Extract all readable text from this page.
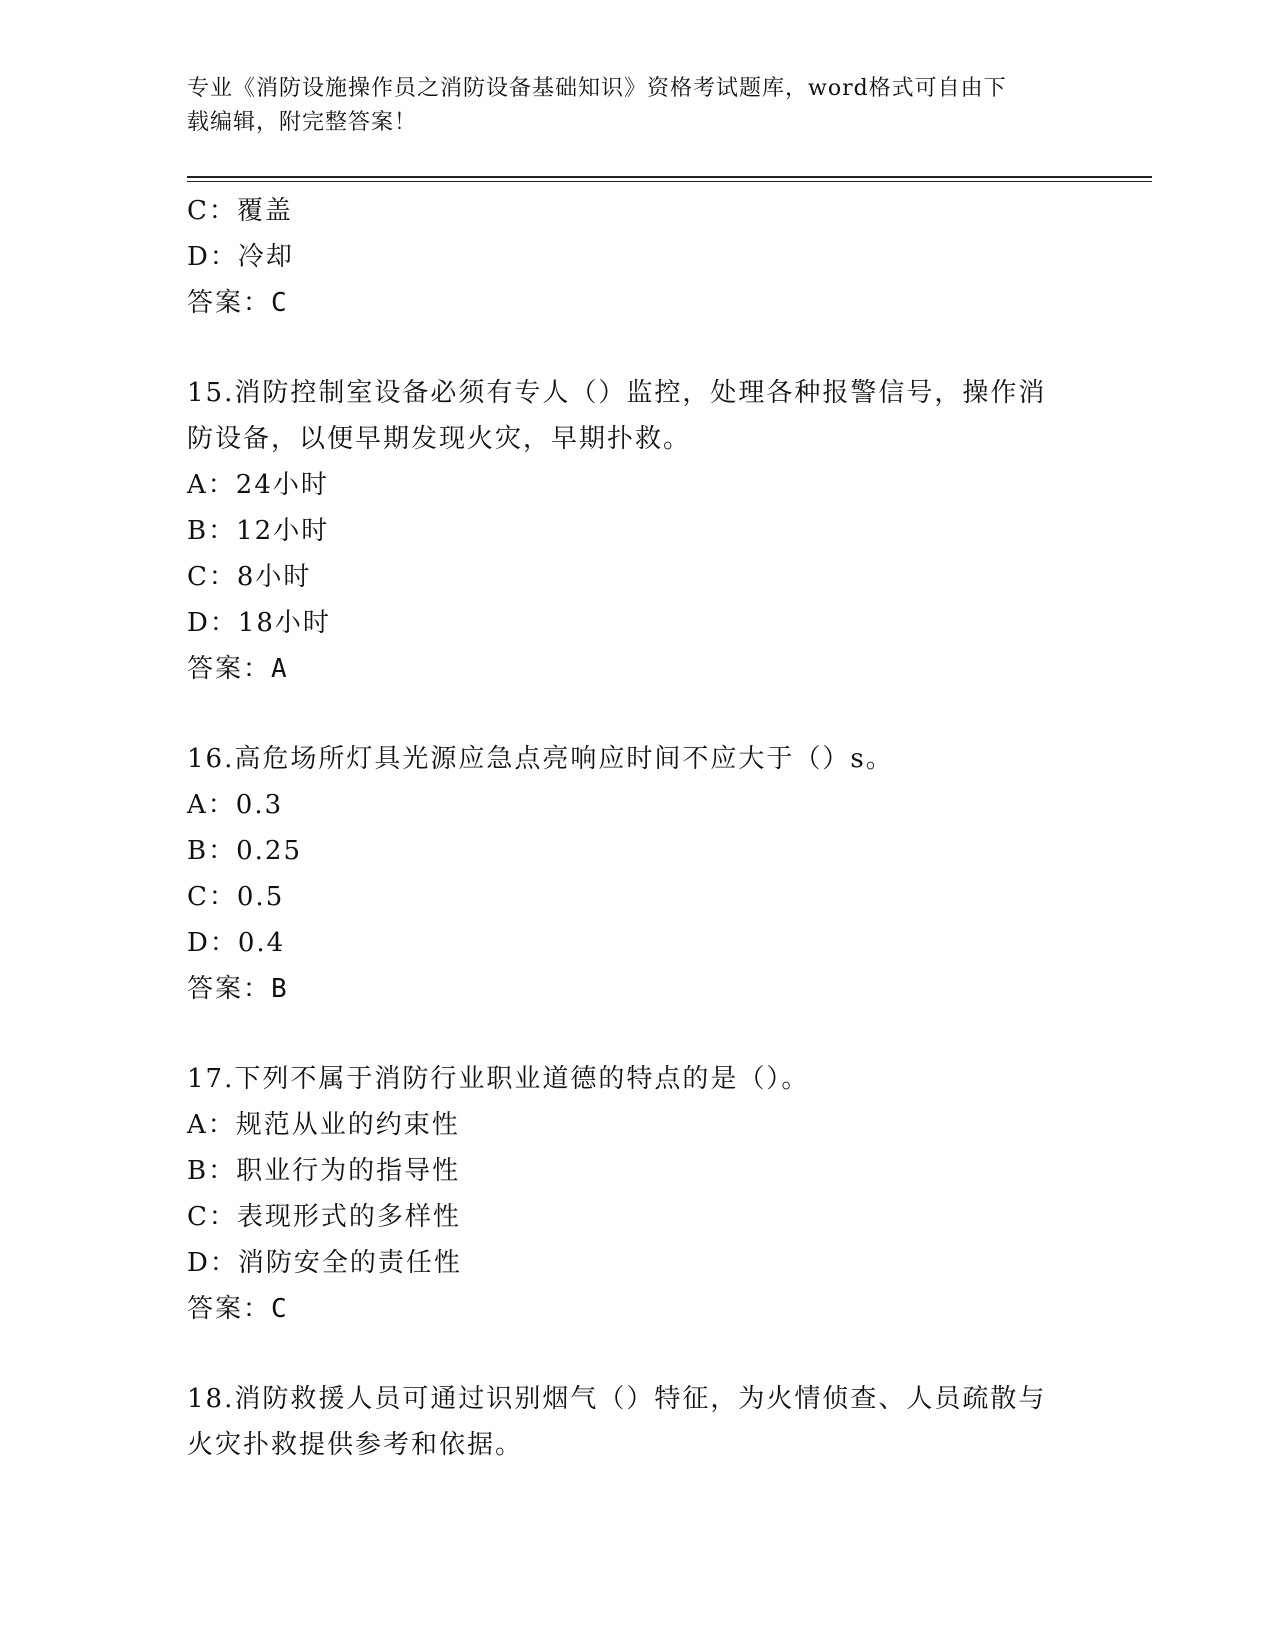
专业《消防设施操作员之消防设备基础知识》资格考试题库，word格式可自由下
载编辑，附完整答案！
C：覆盖
D：冷却
答案：C
15.消防控制室设备必须有专人（）监控，处理各种报警信号，操作消
防设备，以便早期发现火灾，早期扑救。
A：24小时
B：12小时
C：8小时
D：18小时
答案：A
16.高危场所灯具光源应急点亮响应时间不应大于（）s。
A：0.3
B：0.25
C：0.5
D：0.4
答案：B
17.下列不属于消防行业职业道德的特点的是（）。
A：规范从业的约束性
B：职业行为的指导性
C：表现形式的多样性
D：消防安全的责任性
答案：C
18.消防救援人员可通过识别烟气（）特征，为火情侦查、人员疏散与
火灾扑救提供参考和依据。
